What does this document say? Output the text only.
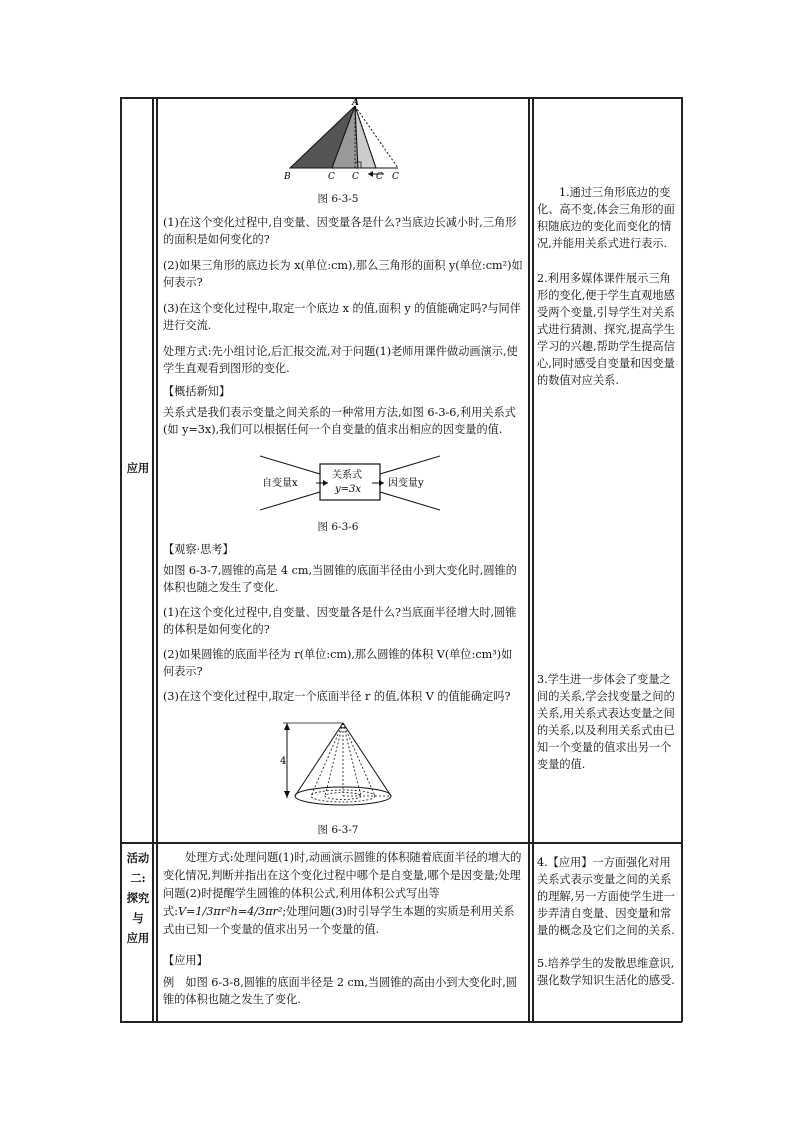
应用
A
B	C C C C
图 6-3-5
(1)在这个变化过程中,自变量、因变量各是什么?当底边长减小时,三角形的面积是如何变化的?
(2)如果三角形的底边长为 x(单位:cm),那么三角形的面积 y(单位:cm²)如何表示?
(3)在这个变化过程中,取定一个底边 x 的值,面积 y 的值能确定吗?与同伴进行交流.
处理方式:先小组讨论,后汇报交流,对于问题(1)老师用课件做动画演示,使学生直观看到图形的变化.
【概括新知】
关系式是我们表示变量之间关系的一种常用方法,如图 6-3-6,利用关系式(如 y=3x),我们可以根据任何一个自变量的值求出相应的因变量的值.
自变量x
关系式
y=3x
因变量y
图 6-3-6
【观察·思考】
如图 6-3-7,圆锥的高是 4 cm,当圆锥的底面半径由小到大变化时,圆锥的体积也随之发生了变化.
(1)在这个变化过程中,自变量、因变量各是什么?当底面半径增大时,圆锥的体积是如何变化的?
(2)如果圆锥的底面半径为 r(单位:cm),那么圆锥的体积 V(单位:cm³)如何表示?
(3)在这个变化过程中,取定一个底面半径 r 的值,体积 V 的值能确定吗?
4
图 6-3-7
1.通过三角形底边的变化、高不变,体会三角形的面积随底边的变化而变化的情况,并能用关系式进行表示.
2.利用多媒体课件展示三角形的变化,便于学生直观地感受两个变量,引导学生对关系式进行猜测、探究,提高学生学习的兴趣,帮助学生提高信心,同时感受自变量和因变量的数值对应关系.
3.学生进一步体会了变量之间的关系,学会找变量之间的关系,用关系式表达变量之间的关系,以及利用关系式由已知一个变量的值求出另一个变量的值.
活动
二:
探究
与
应用
处理方式:处理问题(1)时,动画演示圆锥的体积随着底面半径的增大的变化情况,判断并指出在这个变化过程中哪个是自变量,哪个是因变量;处理问题(2)时提醒学生圆锥的体积公式,利用体积公式写出等式:V=1/3πr²h=4/3πr²;处理问题(3)时引导学生本题的实质是利用关系式由已知一个变量的值求出另一个变量的值.
【应用】
例　如图 6-3-8,圆锥的底面半径是 2 cm,当圆锥的高由小到大变化时,圆锥的体积也随之发生了变化.
4.【应用】一方面强化对用关系式表示变量之间的关系的理解,另一方面使学生进一步弄清自变量、因变量和常量的概念及它们之间的关系.
5.培养学生的发散思维意识,强化数学知识生活化的感受.
